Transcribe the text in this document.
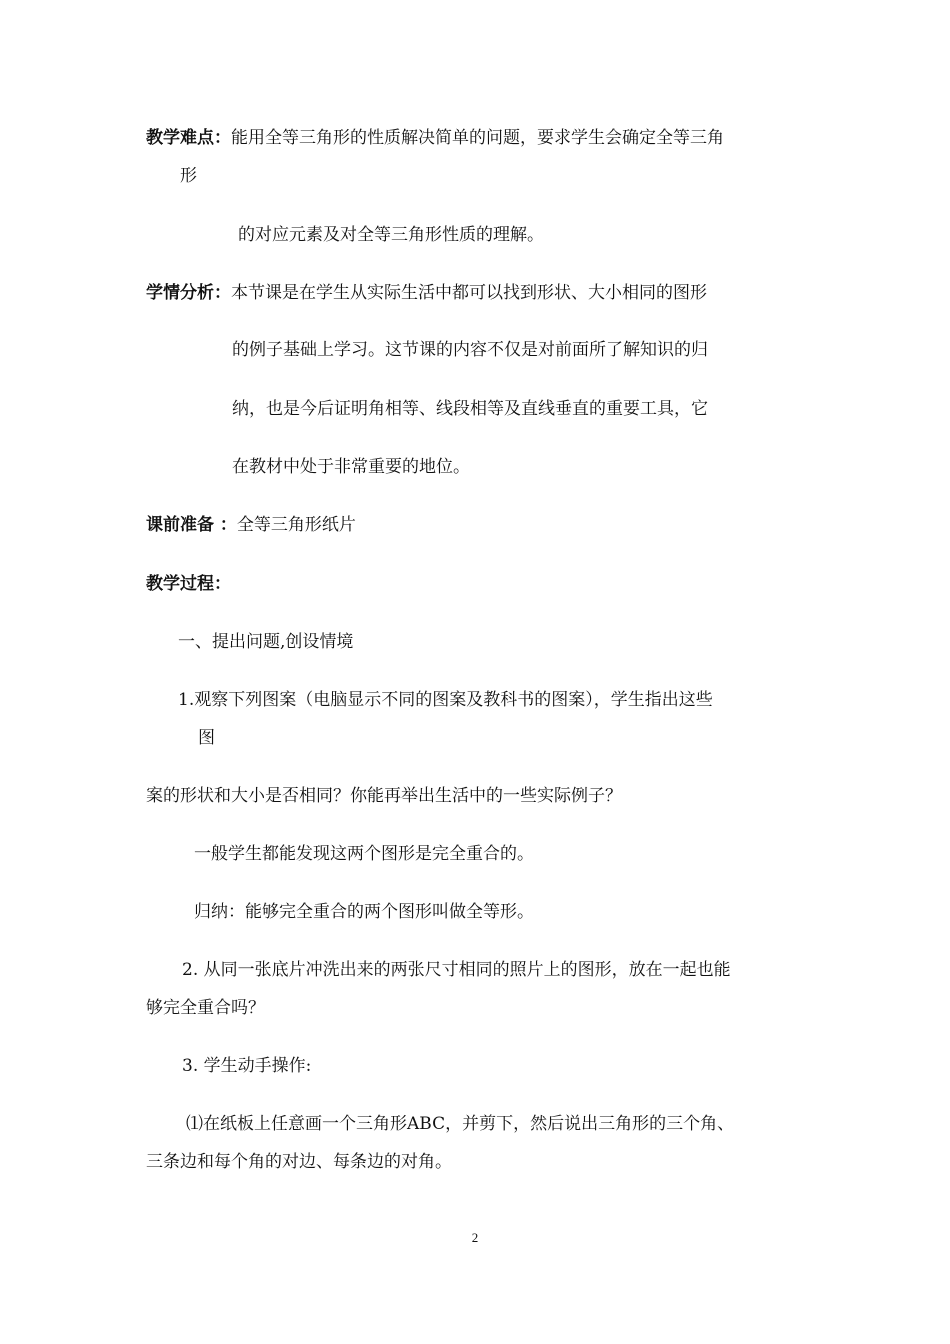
教学难点：能用全等三角形的性质解决简单的问题，要求学生会确定全等三角
形
的对应元素及对全等三角形性质的理解。
学情分析：本节课是在学生从实际生活中都可以找到形状、大小相同的图形
的例子基础上学习。这节课的内容不仅是对前面所了解知识的归
纳，也是今后证明角相等、线段相等及直线垂直的重要工具，它
在教材中处于非常重要的地位。
课前准备 ：全等三角形纸片
教学过程：
一、提出问题,创设情境
1.观察下列图案（电脑显示不同的图案及教科书的图案），学生指出这些
图
案的形状和大小是否相同？你能再举出生活中的一些实际例子？
一般学生都能发现这两个图形是完全重合的。
归纳：能够完全重合的两个图形叫做全等形。
2. 从同一张底片冲洗出来的两张尺寸相同的照片上的图形，放在一起也能
够完全重合吗？
3. 学生动手操作:
⑴在纸板上任意画一个三角形ABC，并剪下，然后说出三角形的三个角、
三条边和每个角的对边、每条边的对角。
2
